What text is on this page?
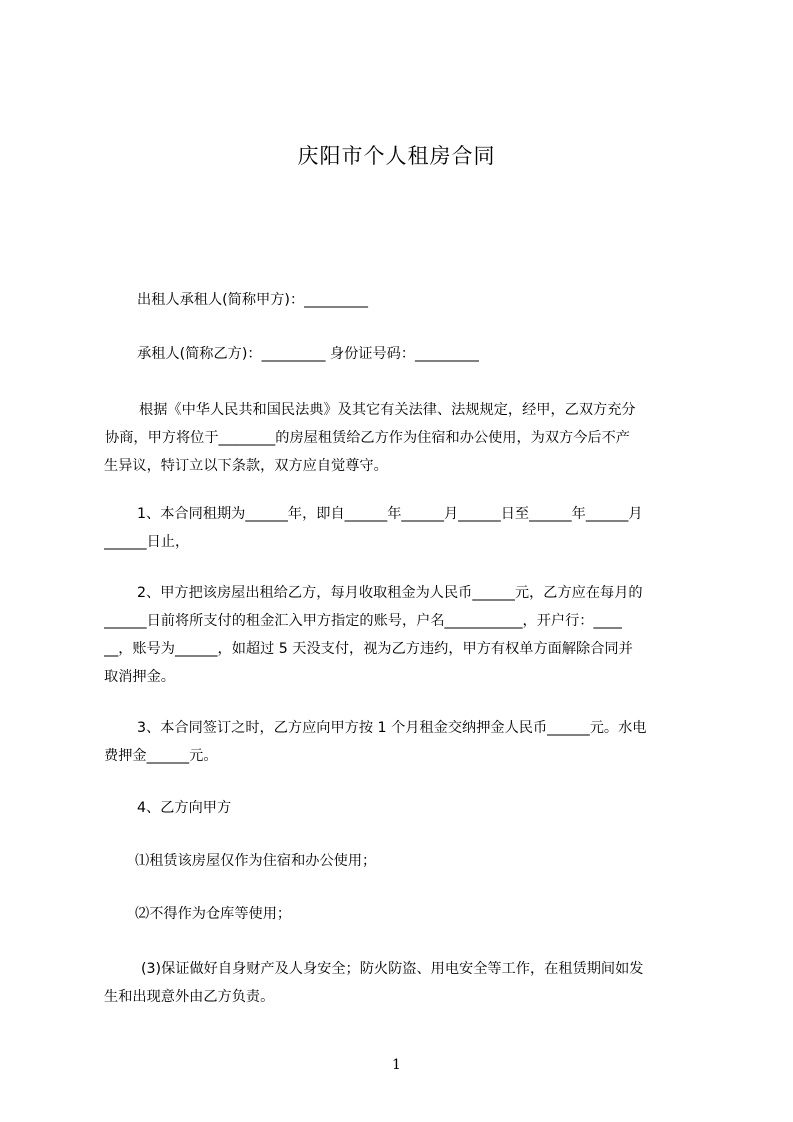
庆阳市个人租房合同
出租人承租人(简称甲方)：_________
承租人(简称乙方)：_________ 身份证号码：_________
根据《中华人民共和国民法典》及其它有关法律、法规规定，经甲，乙双方充分
协商，甲方将位于________的房屋租赁给乙方作为住宿和办公使用，为双方今后不产
生异议，特订立以下条款，双方应自觉尊守。
1、本合同租期为______年，即自______年______月______日至______年______月
______日止，
2、甲方把该房屋出租给乙方，每月收取租金为人民币______元，乙方应在每月的
______日前将所支付的租金汇入甲方指定的账号，户名___________，开户行：____
__，账号为______，如超过 5 天没支付，视为乙方违约，甲方有权单方面解除合同并
取消押金。
3、本合同签订之时，乙方应向甲方按 1 个月租金交纳押金人民币______元。水电
费押金______元。
4、乙方向甲方
⑴租赁该房屋仅作为住宿和办公使用；
⑵不得作为仓库等使用；
(3)保证做好自身财产及人身安全；防火防盗、用电安全等工作，在租赁期间如发
生和出现意外由乙方负责。
1
